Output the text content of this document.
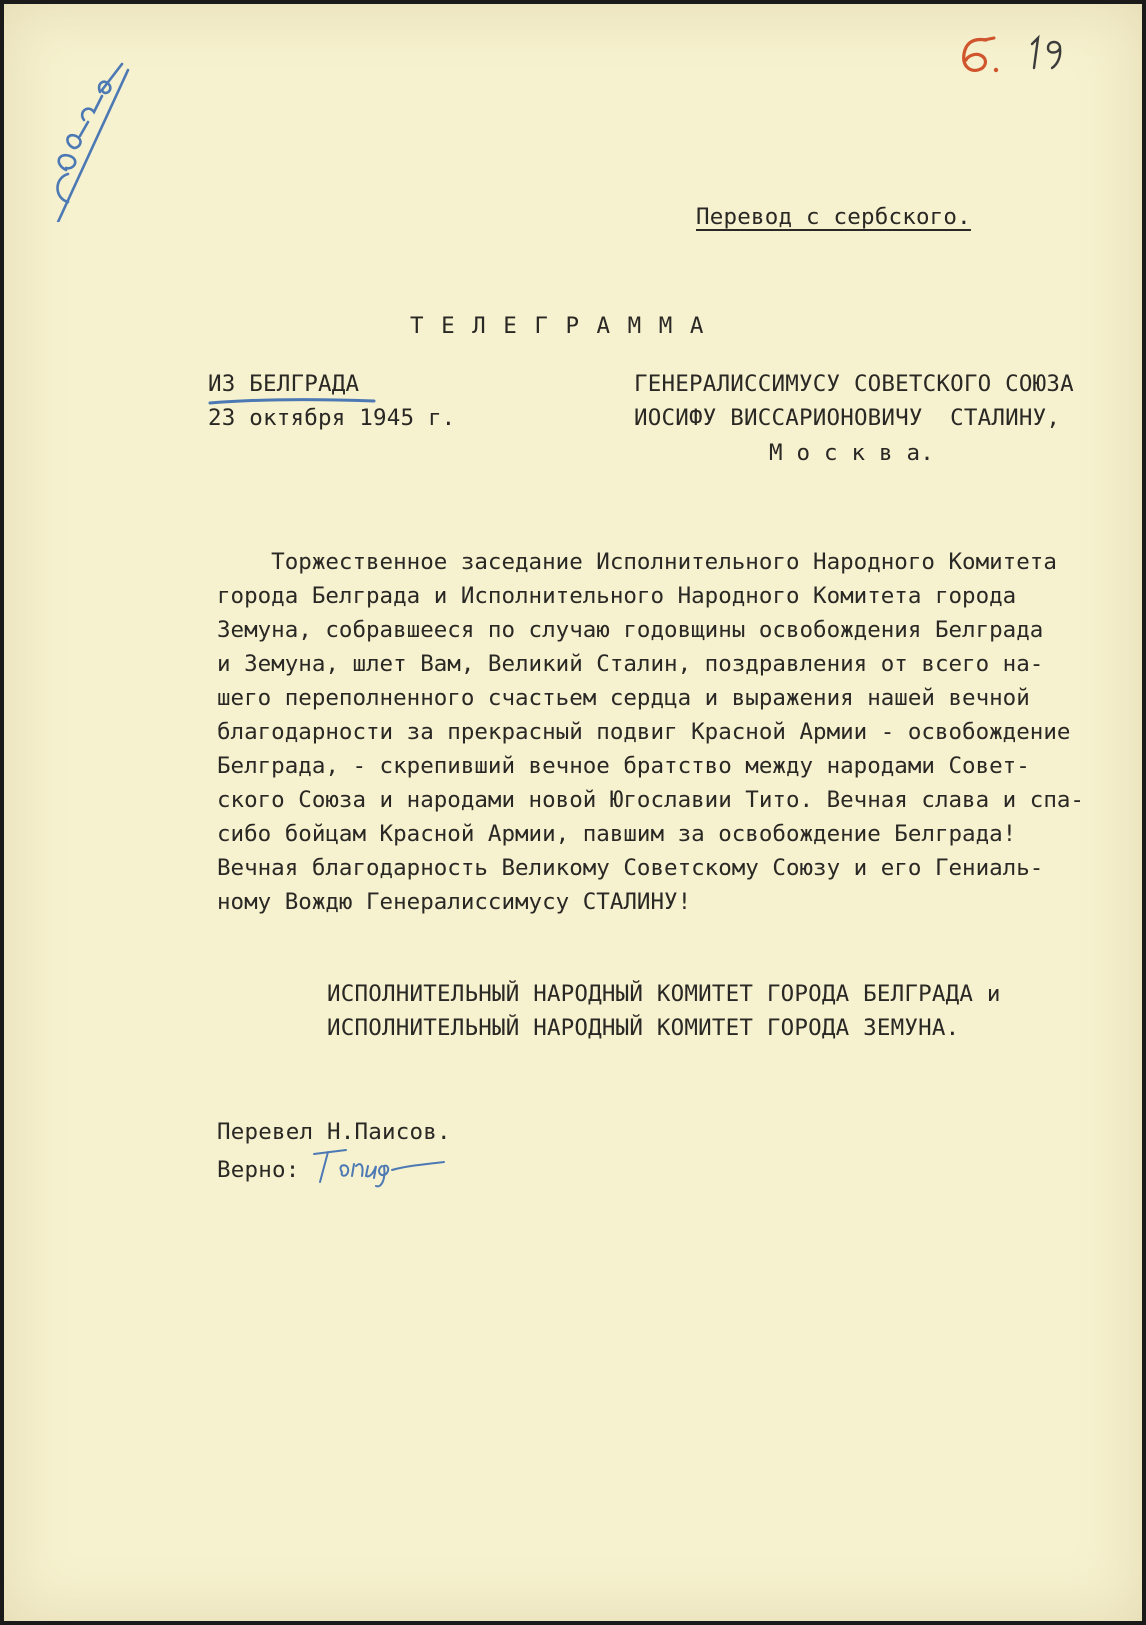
Перевод с сербского.
Т Е Л Е Г Р А М М А
ИЗ БЕЛГРАДА
23 октября 1945 г.
ГЕНЕРАЛИССИМУСУ СОВЕТСКОГО СОЮЗА
ИОСИФУ ВИССАРИОНОВИЧУ  СТАЛИНУ,
М о с к в а.
Торжественное заседание Исполнительного Народного Комитета
города Белграда и Исполнительного Народного Комитета города
Земуна, собравшееся по случаю годовщины освобождения Белграда
и Земуна, шлет Вам, Великий Сталин, поздравления от всего на-
шего переполненного счастьем сердца и выражения нашей вечной
благодарности за прекрасный подвиг Красной Армии - освобождение
Белграда, - скрепивший вечное братство между народами Совет-
ского Союза и народами новой Югославии Тито. Вечная слава и спа-
сибо бойцам Красной Армии, павшим за освобождение Белграда!
Вечная благодарность Великому Советскому Союзу и его Гениаль-
ному Вождю Генералиссимусу СТАЛИНУ!
ИСПОЛНИТЕЛЬНЫЙ НАРОДНЫЙ КОМИТЕТ ГОРОДА БЕЛГРАДА и
ИСПОЛНИТЕЛЬНЫЙ НАРОДНЫЙ КОМИТЕТ ГОРОДА ЗЕМУНА.
Перевел Н.Паисов.
Верно:
